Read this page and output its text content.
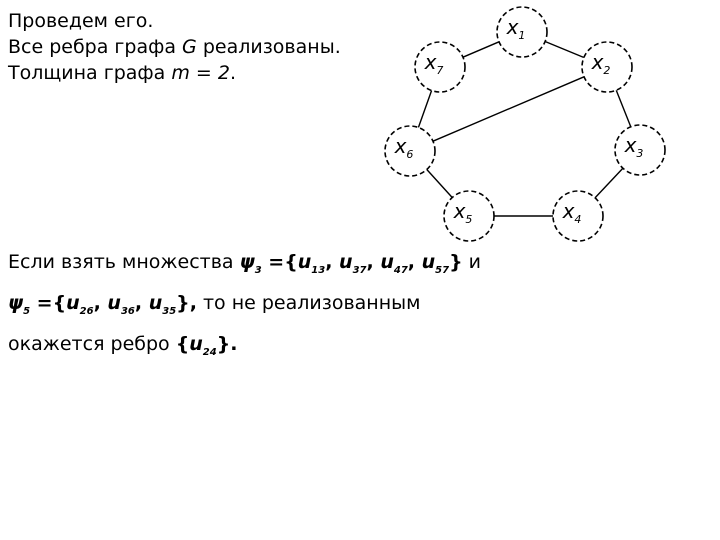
Проведем его.
Все ребра графа G реализованы.
Толщина графа m = 2.
Если взять множества $\psi_3 =\{u_{13}$, $u_{37}$, $u_{47}$, $u_{57}$} и
$\psi_5 =\{u_{26}$, $u_{36}$, $u_{35}$}, то не реализованным
окажется ребро $\{u_{24}\}$.
$x_1$
$x_2$
$x_3$
$x_4$
$x_5$
$x_6$
$x_7$
